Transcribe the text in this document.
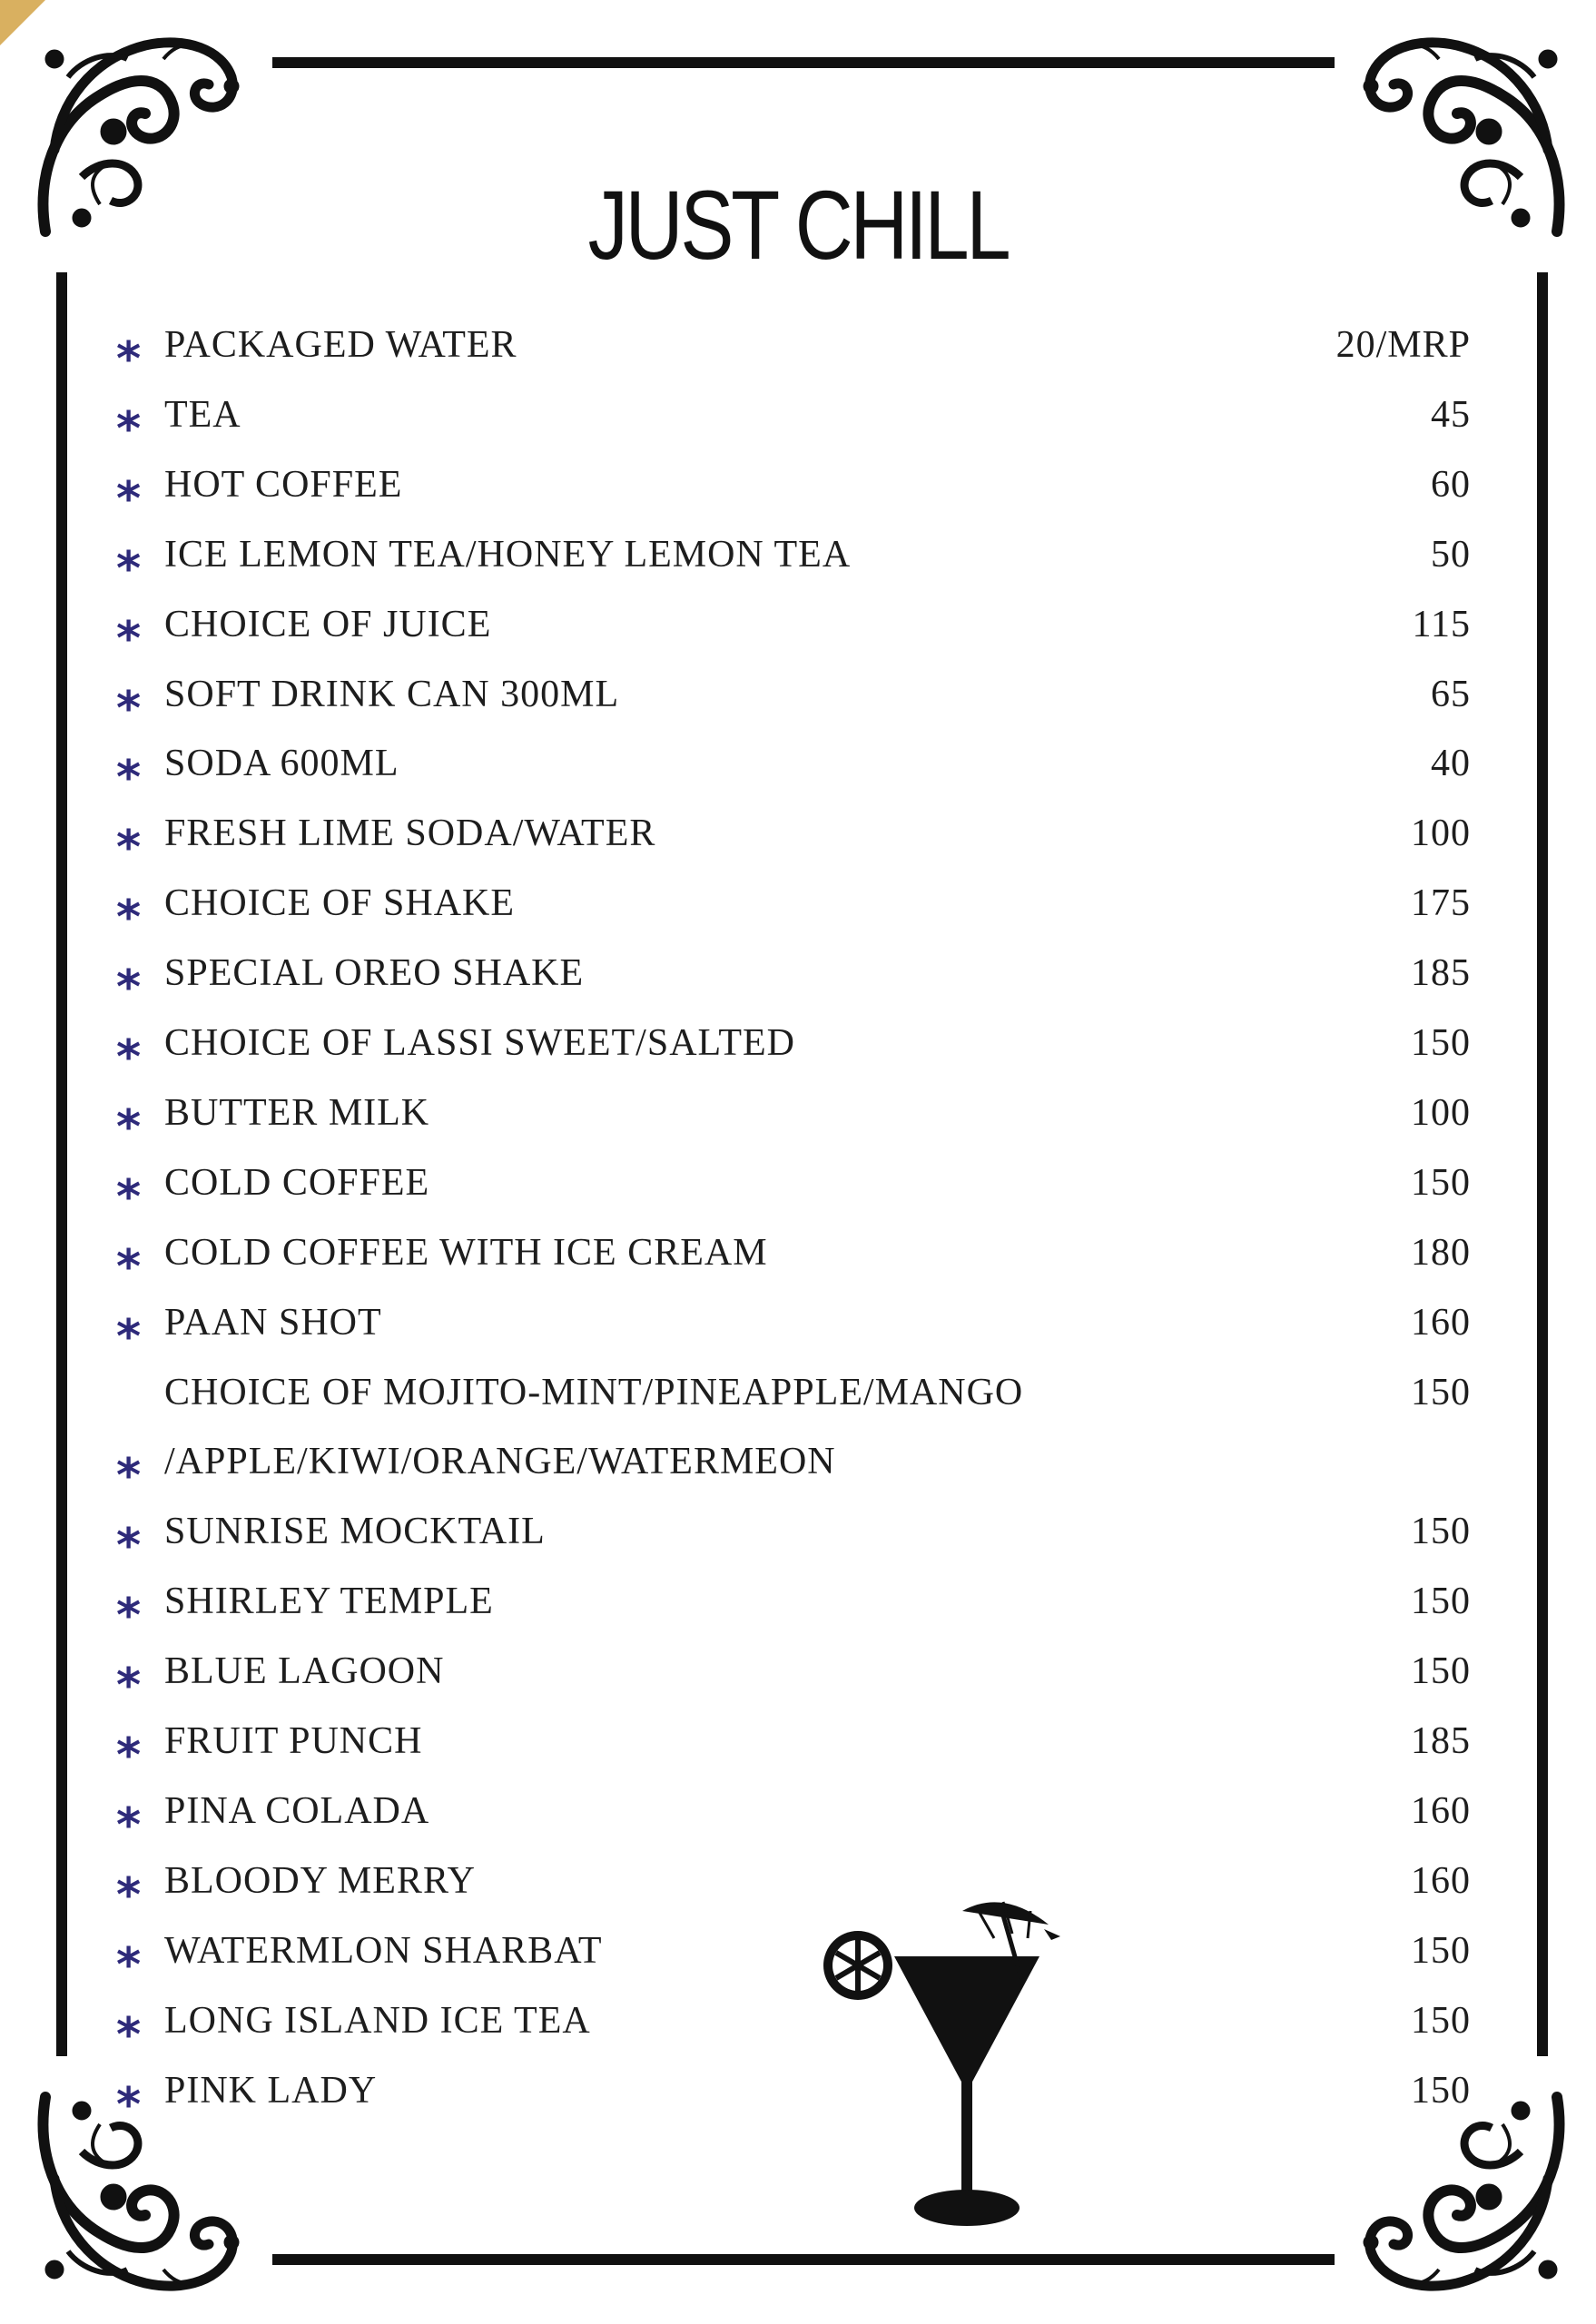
JUST CHILL
* PACKAGED WATER	20/MRP
* TEA	45
* HOT COFFEE	60
* ICE LEMON TEA/HONEY LEMON TEA	50
* CHOICE OF JUICE	115
* SOFT DRINK CAN 300ML	65
* SODA 600ML	40
* FRESH LIME SODA/WATER	100
* CHOICE OF SHAKE	175
* SPECIAL OREO SHAKE	185
* CHOICE OF LASSI SWEET/SALTED	150
* BUTTER MILK	100
* COLD COFFEE	150
* COLD COFFEE WITH ICE CREAM	180
* PAAN SHOT	160
CHOICE OF MOJITO-MINT/PINEAPPLE/MANGO	150
* /APPLE/KIWI/ORANGE/WATERMEON
* SUNRISE MOCKTAIL	150
* SHIRLEY TEMPLE	150
* BLUE LAGOON	150
* FRUIT PUNCH	185
* PINA COLADA	160
* BLOODY MERRY	160
* WATERMLON SHARBAT	150
* LONG ISLAND ICE TEA	150
* PINK LADY	150
